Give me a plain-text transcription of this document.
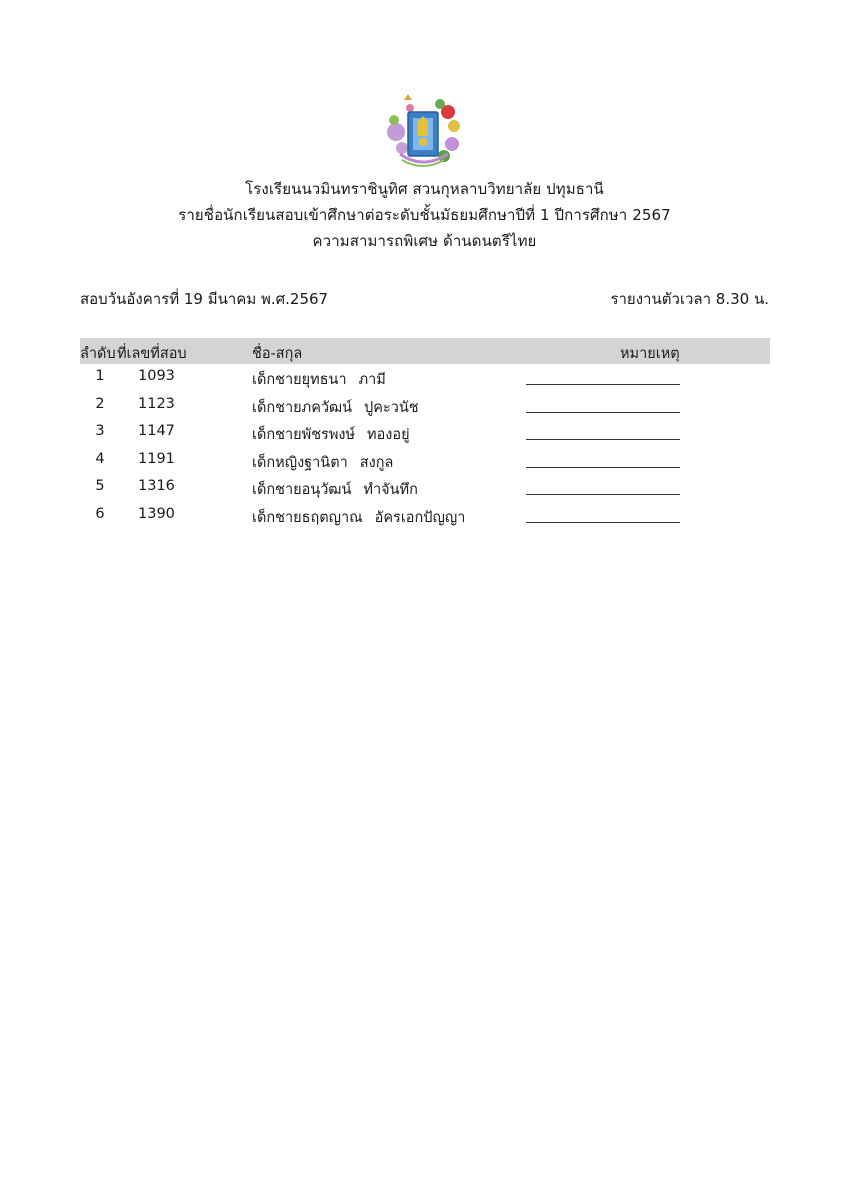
โรงเรียนนวมินทราชินูทิศ สวนกุหลาบวิทยาลัย ปทุมธานี
รายชื่อนักเรียนสอบเข้าศึกษาต่อระดับชั้นมัธยมศึกษาปีที่ 1 ปีการศึกษา 2567
ความสามารถพิเศษ ด้านดนตรีไทย
สอบวันอังคารที่ 19 มีนาคม พ.ศ.2567	รายงานตัวเวลา 8.30 น.
ลำดับ ที่เลขที่สอบ	ชื่อ-สกุล	หมายเหตุ
1	1093	เด็กชายยุทธนา ภามี
2	1123	เด็กชายภควัฒน์ ปูคะวนัช
3	1147	เด็กชายพัชรพงษ์ ทองอยู่
4	1191	เด็กหญิงฐานิตา สงกูล
5	1316	เด็กชายอนุวัฒน์ ทำจันทึก
6	1390	เด็กชายธฤตญาณ อัครเอกปัญญา
